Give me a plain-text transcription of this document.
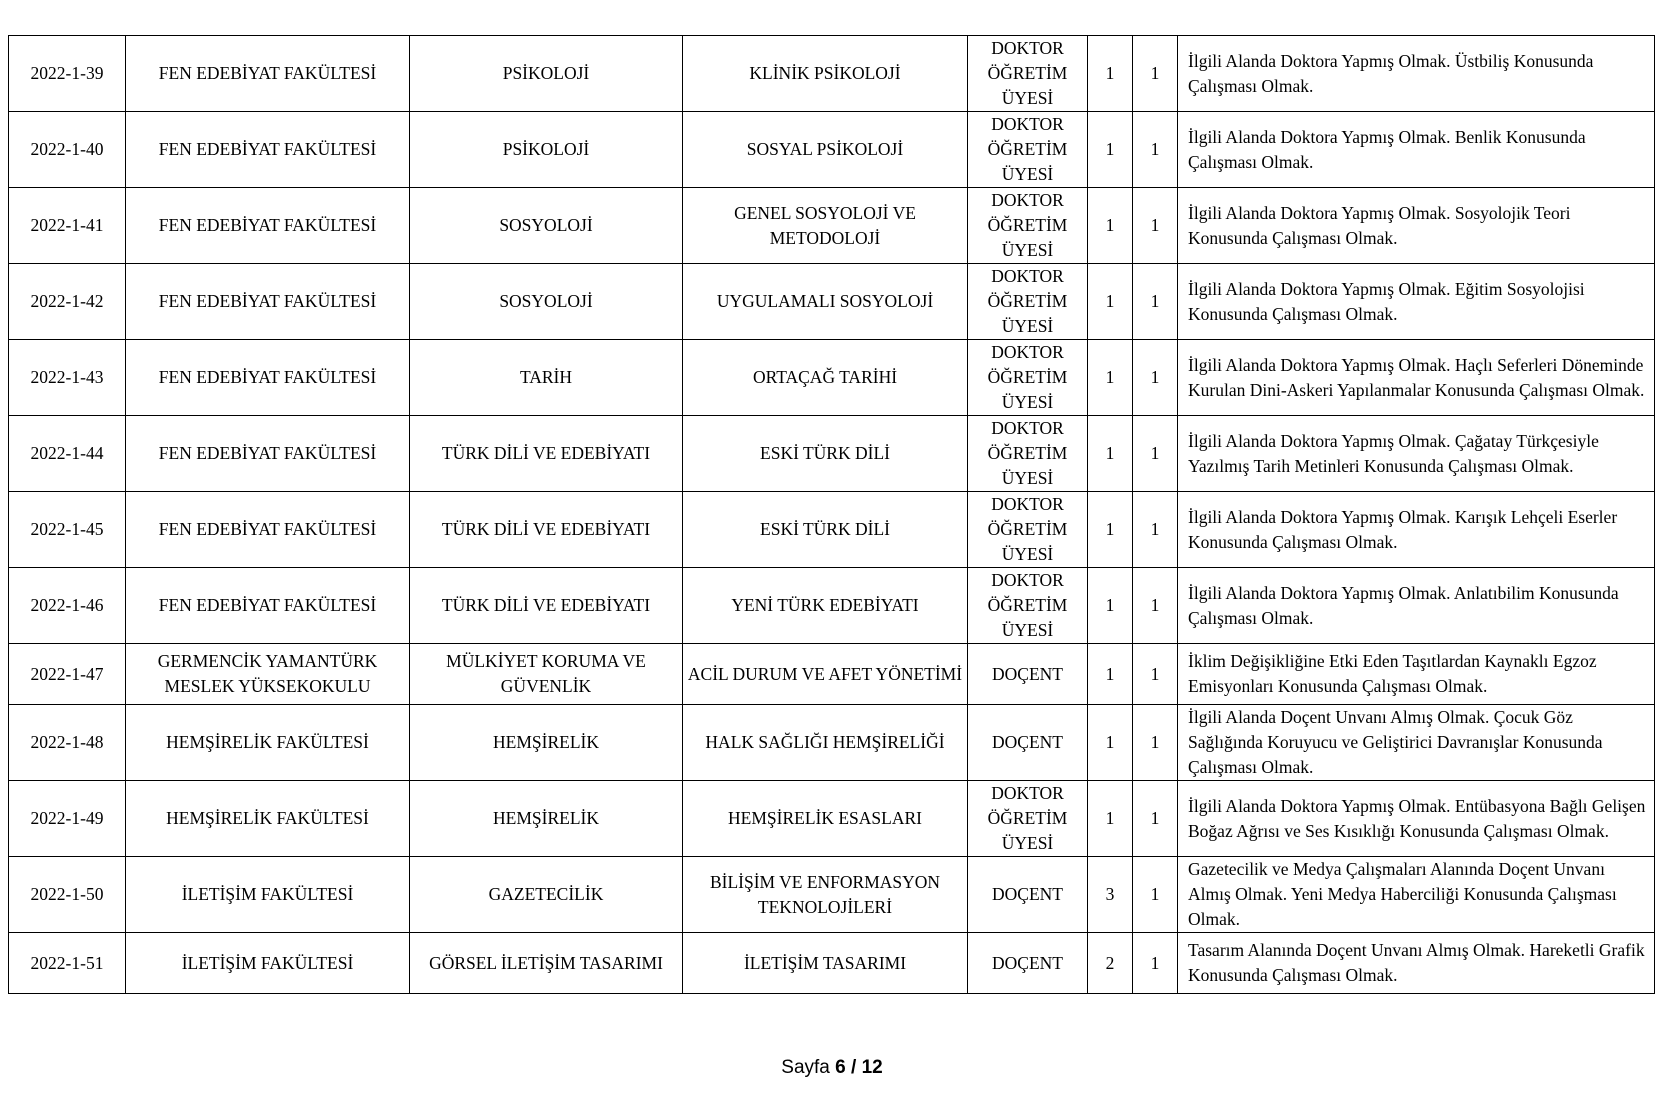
2022-1-39	FEN EDEBİYAT FAKÜLTESİ	PSİKOLOJİ	KLİNİK PSİKOLOJİ	DOKTOR ÖĞRETİM ÜYESİ	1	1	İlgili Alanda Doktora Yapmış Olmak. Üstbiliş Konusunda Çalışması Olmak.
2022-1-40	FEN EDEBİYAT FAKÜLTESİ	PSİKOLOJİ	SOSYAL PSİKOLOJİ	DOKTOR ÖĞRETİM ÜYESİ	1	1	İlgili Alanda Doktora Yapmış Olmak. Benlik Konusunda Çalışması Olmak.
2022-1-41	FEN EDEBİYAT FAKÜLTESİ	SOSYOLOJİ	GENEL SOSYOLOJİ VE METODOLOJİ	DOKTOR ÖĞRETİM ÜYESİ	1	1	İlgili Alanda Doktora Yapmış Olmak. Sosyolojik Teori Konusunda Çalışması Olmak.
2022-1-42	FEN EDEBİYAT FAKÜLTESİ	SOSYOLOJİ	UYGULAMALI SOSYOLOJİ	DOKTOR ÖĞRETİM ÜYESİ	1	1	İlgili Alanda Doktora Yapmış Olmak. Eğitim Sosyolojisi Konusunda Çalışması Olmak.
2022-1-43	FEN EDEBİYAT FAKÜLTESİ	TARİH	ORTAÇAĞ TARİHİ	DOKTOR ÖĞRETİM ÜYESİ	1	1	İlgili Alanda Doktora Yapmış Olmak. Haçlı Seferleri Döneminde Kurulan Dini-Askeri Yapılanmalar Konusunda Çalışması Olmak.
2022-1-44	FEN EDEBİYAT FAKÜLTESİ	TÜRK DİLİ VE EDEBİYATI	ESKİ TÜRK DİLİ	DOKTOR ÖĞRETİM ÜYESİ	1	1	İlgili Alanda Doktora Yapmış Olmak. Çağatay Türkçesiyle Yazılmış Tarih Metinleri Konusunda Çalışması Olmak.
2022-1-45	FEN EDEBİYAT FAKÜLTESİ	TÜRK DİLİ VE EDEBİYATI	ESKİ TÜRK DİLİ	DOKTOR ÖĞRETİM ÜYESİ	1	1	İlgili Alanda Doktora Yapmış Olmak. Karışık Lehçeli Eserler Konusunda Çalışması Olmak.
2022-1-46	FEN EDEBİYAT FAKÜLTESİ	TÜRK DİLİ VE EDEBİYATI	YENİ TÜRK EDEBİYATI	DOKTOR ÖĞRETİM ÜYESİ	1	1	İlgili Alanda Doktora Yapmış Olmak. Anlatıbilim Konusunda Çalışması Olmak.
2022-1-47	GERMENCİK YAMANTÜRK MESLEK YÜKSEKOKULU	MÜLKİYET KORUMA VE GÜVENLİK	ACİL DURUM VE AFET YÖNETİMİ	DOÇENT	1	1	İklim Değişikliğine Etki Eden Taşıtlardan Kaynaklı Egzoz Emisyonları Konusunda Çalışması Olmak.
2022-1-48	HEMŞİRELİK FAKÜLTESİ	HEMŞİRELİK	HALK SAĞLIĞI HEMŞİRELİĞİ	DOÇENT	1	1	İlgili Alanda Doçent Unvanı Almış Olmak. Çocuk Göz Sağlığında Koruyucu ve Geliştirici Davranışlar Konusunda Çalışması Olmak.
2022-1-49	HEMŞİRELİK FAKÜLTESİ	HEMŞİRELİK	HEMŞİRELİK ESASLARI	DOKTOR ÖĞRETİM ÜYESİ	1	1	İlgili Alanda Doktora Yapmış Olmak. Entübasyona Bağlı Gelişen Boğaz Ağrısı ve Ses Kısıklığı Konusunda Çalışması Olmak.
2022-1-50	İLETİŞİM FAKÜLTESİ	GAZETECİLİK	BİLİŞİM VE ENFORMASYON TEKNOLOJİLERİ	DOÇENT	3	1	Gazetecilik ve Medya Çalışmaları Alanında Doçent Unvanı Almış Olmak. Yeni Medya Haberciliği Konusunda Çalışması Olmak.
2022-1-51	İLETİŞİM FAKÜLTESİ	GÖRSEL İLETİŞİM TASARIMI	İLETİŞİM TASARIMI	DOÇENT	2	1	Tasarım Alanında Doçent Unvanı Almış Olmak. Hareketli Grafik Konusunda Çalışması Olmak.
Sayfa 6 / 12
